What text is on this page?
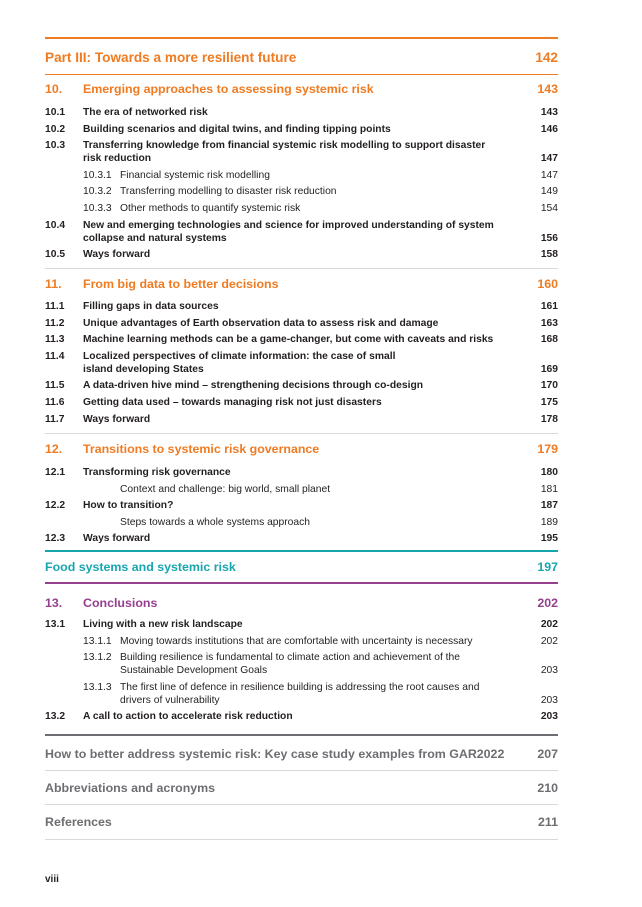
Part III: Towards a more resilient future	142
10. Emerging approaches to assessing systemic risk	143
10.1	The era of networked risk	143
10.2	Building scenarios and digital twins, and finding tipping points	146
10.3	Transferring knowledge from financial systemic risk modelling to support disaster risk reduction	147
10.3.1 Financial systemic risk modelling	147
10.3.2 Transferring modelling to disaster risk reduction	149
10.3.3 Other methods to quantify systemic risk	154
10.4	New and emerging technologies and science for improved understanding of system collapse and natural systems	156
10.5	Ways forward	158
11. From big data to better decisions	160
11.1	Filling gaps in data sources	161
11.2	Unique advantages of Earth observation data to assess risk and damage	163
11.3	Machine learning methods can be a game-changer, but come with caveats and risks	168
11.4	Localized perspectives of climate information: the case of small island developing States	169
11.5	A data-driven hive mind – strengthening decisions through co-design	170
11.6	Getting data used – towards managing risk not just disasters	175
11.7	Ways forward	178
12. Transitions to systemic risk governance	179
12.1	Transforming risk governance	180
Context and challenge: big world, small planet	181
12.2	How to transition?	187
Steps towards a whole systems approach	189
12.3	Ways forward	195
Food systems and systemic risk	197
13. Conclusions	202
13.1	Living with a new risk landscape	202
13.1.1 Moving towards institutions that are comfortable with uncertainty is necessary	202
13.1.2 Building resilience is fundamental to climate action and achievement of the Sustainable Development Goals	203
13.1.3 The first line of defence in resilience building is addressing the root causes and drivers of vulnerability	203
13.2	A call to action to accelerate risk reduction	203
How to better address systemic risk: Key case study examples from GAR2022	207
Abbreviations and acronyms	210
References	211
viii
